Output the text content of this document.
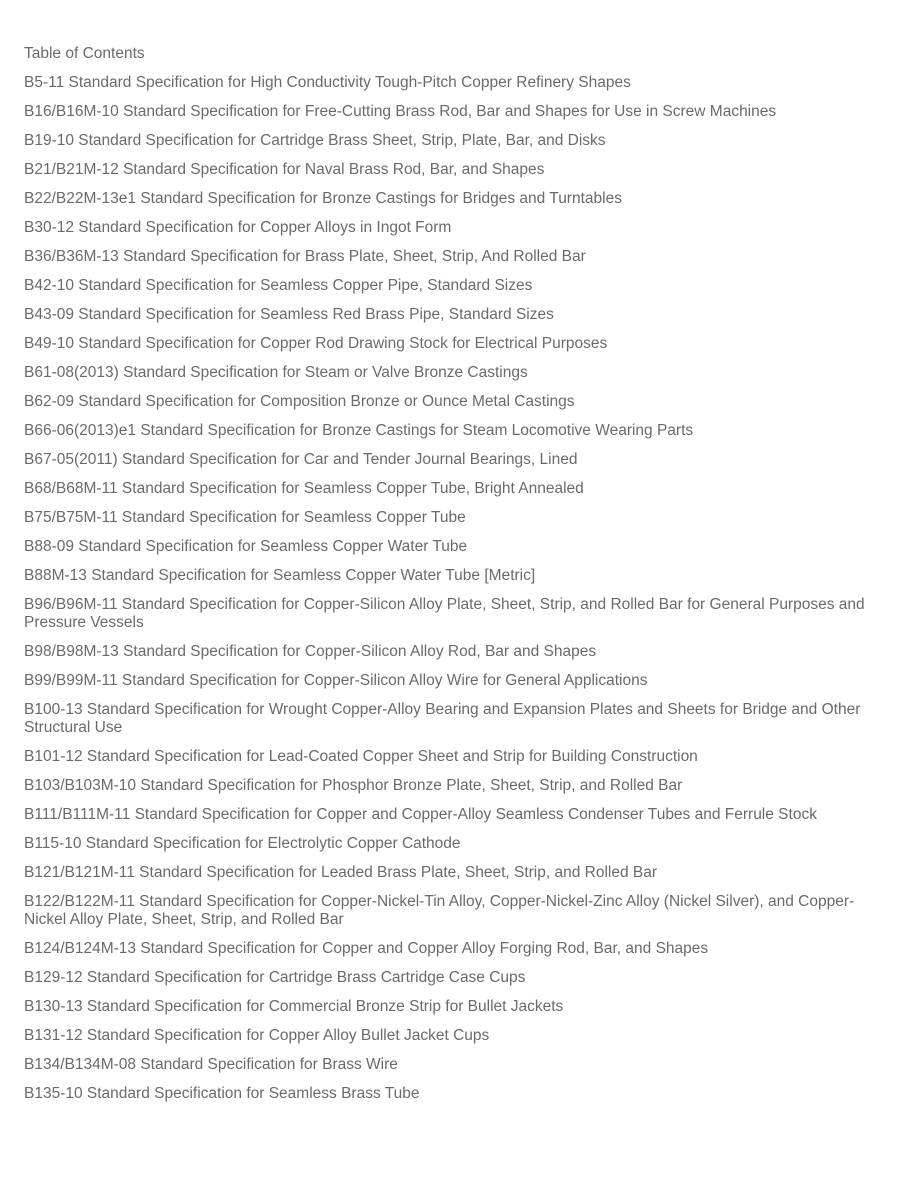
Table of Contents
B5-11 Standard Specification for High Conductivity Tough-Pitch Copper Refinery Shapes
B16/B16M-10 Standard Specification for Free-Cutting Brass Rod, Bar and Shapes for Use in Screw Machines
B19-10 Standard Specification for Cartridge Brass Sheet, Strip, Plate, Bar, and Disks
B21/B21M-12 Standard Specification for Naval Brass Rod, Bar, and Shapes
B22/B22M-13e1 Standard Specification for Bronze Castings for Bridges and Turntables
B30-12 Standard Specification for Copper Alloys in Ingot Form
B36/B36M-13 Standard Specification for Brass Plate, Sheet, Strip, And Rolled Bar
B42-10 Standard Specification for Seamless Copper Pipe, Standard Sizes
B43-09 Standard Specification for Seamless Red Brass Pipe, Standard Sizes
B49-10 Standard Specification for Copper Rod Drawing Stock for Electrical Purposes
B61-08(2013) Standard Specification for Steam or Valve Bronze Castings
B62-09 Standard Specification for Composition Bronze or Ounce Metal Castings
B66-06(2013)e1 Standard Specification for Bronze Castings for Steam Locomotive Wearing Parts
B67-05(2011) Standard Specification for Car and Tender Journal Bearings, Lined
B68/B68M-11 Standard Specification for Seamless Copper Tube, Bright Annealed
B75/B75M-11 Standard Specification for Seamless Copper Tube
B88-09 Standard Specification for Seamless Copper Water Tube
B88M-13 Standard Specification for Seamless Copper Water Tube [Metric]
B96/B96M-11 Standard Specification for Copper-Silicon Alloy Plate, Sheet, Strip, and Rolled Bar for General Purposes and Pressure Vessels
B98/B98M-13 Standard Specification for Copper-Silicon Alloy Rod, Bar and Shapes
B99/B99M-11 Standard Specification for Copper-Silicon Alloy Wire for General Applications
B100-13 Standard Specification for Wrought Copper-Alloy Bearing and Expansion Plates and Sheets for Bridge and Other Structural Use
B101-12 Standard Specification for Lead-Coated Copper Sheet and Strip for Building Construction
B103/B103M-10 Standard Specification for Phosphor Bronze Plate, Sheet, Strip, and Rolled Bar
B111/B111M-11 Standard Specification for Copper and Copper-Alloy Seamless Condenser Tubes and Ferrule Stock
B115-10 Standard Specification for Electrolytic Copper Cathode
B121/B121M-11 Standard Specification for Leaded Brass Plate, Sheet, Strip, and Rolled Bar
B122/B122M-11 Standard Specification for Copper-Nickel-Tin Alloy, Copper-Nickel-Zinc Alloy (Nickel Silver), and Copper-Nickel Alloy Plate, Sheet, Strip, and Rolled Bar
B124/B124M-13 Standard Specification for Copper and Copper Alloy Forging Rod, Bar, and Shapes
B129-12 Standard Specification for Cartridge Brass Cartridge Case Cups
B130-13 Standard Specification for Commercial Bronze Strip for Bullet Jackets
B131-12 Standard Specification for Copper Alloy Bullet Jacket Cups
B134/B134M-08 Standard Specification for Brass Wire
B135-10 Standard Specification for Seamless Brass Tube
